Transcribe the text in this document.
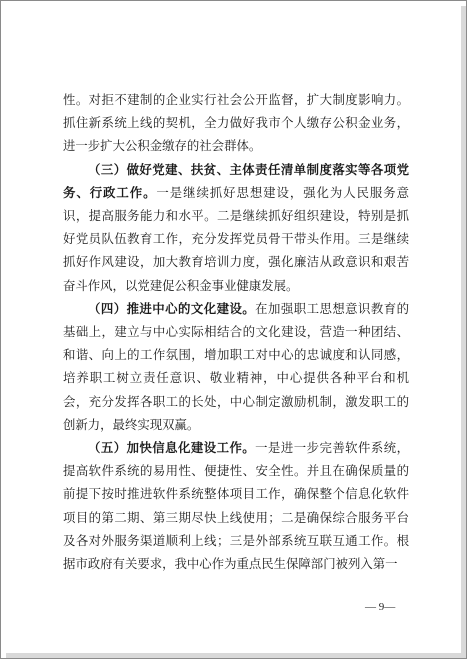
性。对拒不建制的企业实行社会公开监督，扩大制度影响力。抓住新系统上线的契机，全力做好我市个人缴存公积金业务，进一步扩大公积金缴存的社会群体。

（三）做好党建、扶贫、主体责任清单制度落实等各项党务、行政工作。一是继续抓好思想建设，强化为人民服务意识，提高服务能力和水平。二是继续抓好组织建设，特别是抓好党员队伍教育工作，充分发挥党员骨干带头作用。三是继续抓好作风建设，加大教育培训力度，强化廉洁从政意识和艰苦奋斗作风，以党建促公积金事业健康发展。

（四）推进中心的文化建设。在加强职工思想意识教育的基础上，建立与中心实际相结合的文化建设，营造一种团结、和谐、向上的工作氛围，增加职工对中心的忠诚度和认同感，培养职工树立责任意识、敬业精神，中心提供各种平台和机会，充分发挥各职工的长处，中心制定激励机制，激发职工的创新力，最终实现双赢。

（五）加快信息化建设工作。一是进一步完善软件系统，提高软件系统的易用性、便捷性、安全性。并且在确保质量的前提下按时推进软件系统整体项目工作，确保整个信息化软件项目的第二期、第三期尽快上线使用；二是确保综合服务平台及各对外服务渠道顺利上线；三是外部系统互联互通工作。根据市政府有关要求，我中心作为重点民生保障部门被列入第一

— 9—
